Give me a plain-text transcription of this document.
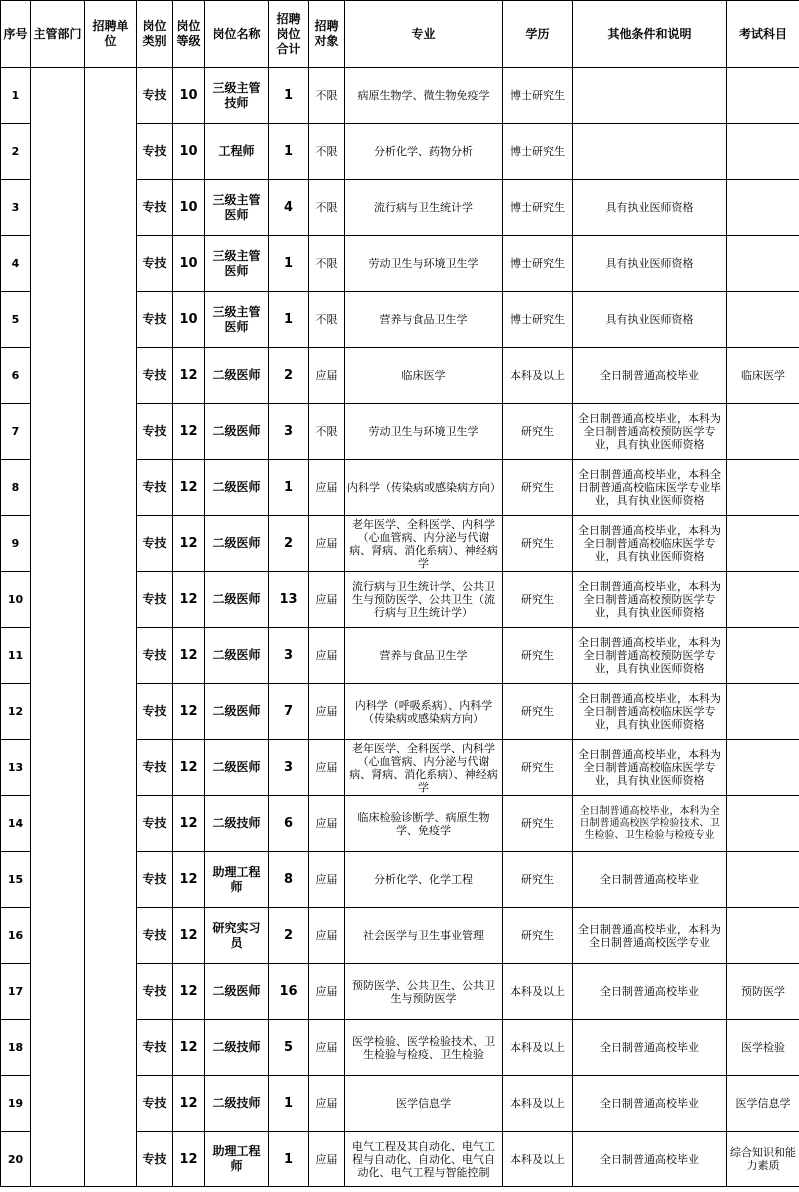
序号	主管部门	招聘单位	岗位类别	岗位等级	岗位名称	招聘岗位合计	招聘对象	专业	学历	其他条件和说明	考试科目
1			专技	10	三级主管技师	1	不限	病原生物学、微生物免疫学	博士研究生		
2			专技	10	工程师	1	不限	分析化学、药物分析	博士研究生		
3			专技	10	三级主管医师	4	不限	流行病与卫生统计学	博士研究生	具有执业医师资格	
4			专技	10	三级主管医师	1	不限	劳动卫生与环境卫生学	博士研究生	具有执业医师资格	
5			专技	10	三级主管医师	1	不限	营养与食品卫生学	博士研究生	具有执业医师资格	
6			专技	12	二级医师	2	应届	临床医学	本科及以上	全日制普通高校毕业	临床医学
7			专技	12	二级医师	3	不限	劳动卫生与环境卫生学	研究生	全日制普通高校毕业，本科为全日制普通高校预防医学专业，具有执业医师资格	
8			专技	12	二级医师	1	应届	内科学（传染病或感染病方向）	研究生	全日制普通高校毕业，本科全日制普通高校临床医学专业毕业，具有执业医师资格	
9			专技	12	二级医师	2	应届	老年医学、全科医学、内科学（心血管病、内分泌与代谢病、肾病、消化系病）、神经病学	研究生	全日制普通高校毕业，本科为全日制普通高校临床医学专业，具有执业医师资格	
10			专技	12	二级医师	13	应届	流行病与卫生统计学、公共卫生与预防医学、公共卫生（流行病与卫生统计学）	研究生	全日制普通高校毕业，本科为全日制普通高校预防医学专业，具有执业医师资格	
11			专技	12	二级医师	3	应届	营养与食品卫生学	研究生	全日制普通高校毕业，本科为全日制普通高校预防医学专业，具有执业医师资格	
12			专技	12	二级医师	7	应届	内科学（呼吸系病）、内科学（传染病或感染病方向）	研究生	全日制普通高校毕业，本科为全日制普通高校临床医学专业，具有执业医师资格	
13			专技	12	二级医师	3	应届	老年医学、全科医学、内科学（心血管病、内分泌与代谢病、肾病、消化系病）、神经病学	研究生	全日制普通高校毕业，本科为全日制普通高校临床医学专业，具有执业医师资格	
14			专技	12	二级技师	6	应届	临床检验诊断学、病原生物学、免疫学	研究生	全日制普通高校毕业，本科为全日制普通高校医学检验技术、卫生检验、卫生检验与检疫专业	
15			专技	12	助理工程师	8	应届	分析化学、化学工程	研究生	全日制普通高校毕业	
16			专技	12	研究实习员	2	应届	社会医学与卫生事业管理	研究生	全日制普通高校毕业，本科为全日制普通高校医学专业	
17			专技	12	二级医师	16	应届	预防医学、公共卫生、公共卫生与预防医学	本科及以上	全日制普通高校毕业	预防医学
18			专技	12	二级技师	5	应届	医学检验、医学检验技术、卫生检验与检疫、卫生检验	本科及以上	全日制普通高校毕业	医学检验
19			专技	12	二级技师	1	应届	医学信息学	本科及以上	全日制普通高校毕业	医学信息学
20			专技	12	助理工程师	1	应届	电气工程及其自动化、电气工程与自动化、自动化、电气自动化、电气工程与智能控制	本科及以上	全日制普通高校毕业	综合知识和能力素质
